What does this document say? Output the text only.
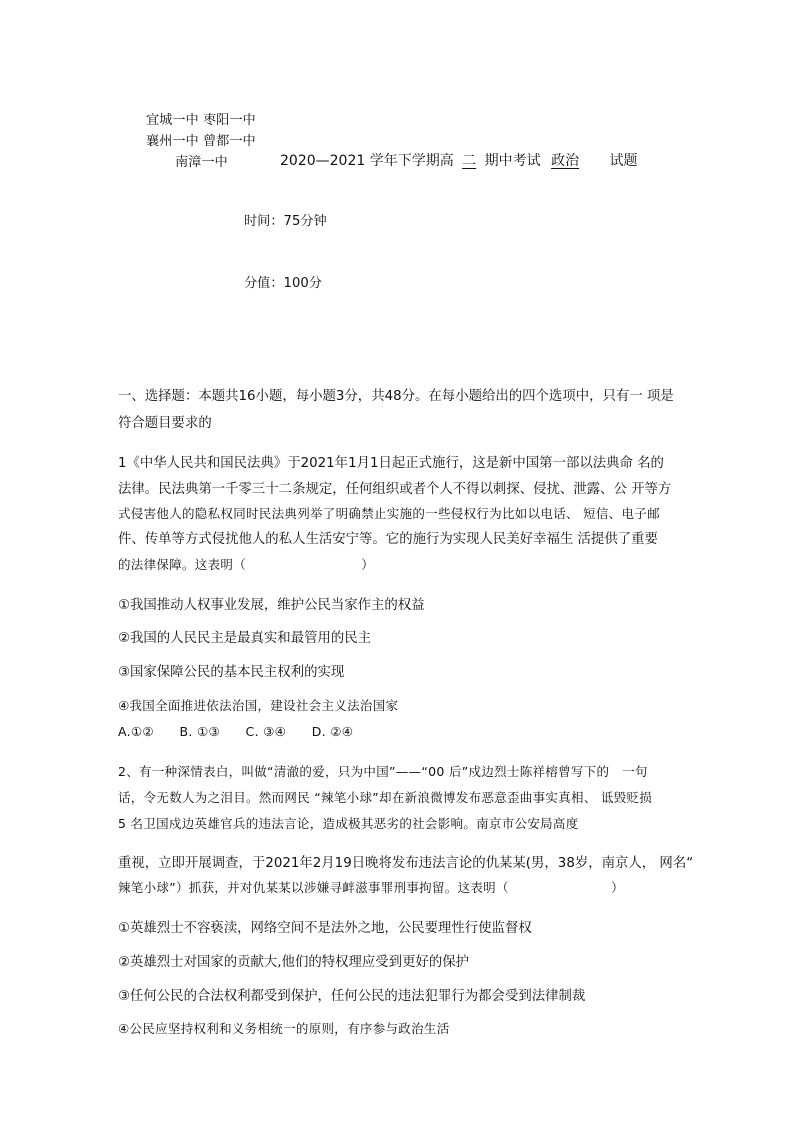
宜城一中 枣阳一中
襄州一中 曾都一中
南漳一中	2020—2021 学年下学期高 二 期中考试 政治 试题
时间：75分钟
分值：100分
一、选择题：本题共16小题，每小题3分，共48分。在每小题给出的四个选项中，只有一 项是
符合题目要求的
1《中华人民共和国民法典》于2021年1月1日起正式施行，这是新中国第一部以法典命 名的
法律。民法典第一千零三十二条规定，任何组织或者个人不得以刺探、侵扰、泄露、公 开等方
式侵害他人的隐私权同时民法典列举了明确禁止实施的一些侵权行为比如以电话、 短信、电子邮
件、传单等方式侵扰他人的私人生活安宁等。它的施行为实现人民美好幸福生 活提供了重要
的法律保障。这表明（　　　　　　　　　）
①我国推动人权事业发展，维护公民当家作主的权益
②我国的人民民主是最真实和最管用的民主
③国家保障公民的基本民主权利的实现
④我国全面推进依法治国，建设社会主义法治国家
A.①②　　B. ①③　　C. ③④　　D. ②④
2、有一种深情表白，叫做“清澈的爱，只为中国”——“00 后”戍边烈士陈祥榕曾写下的　一句
话，令无数人为之泪目。然而网民 “辣笔小球”却在新浪微博发布恶意歪曲事实真相、 诋毁贬损
5 名卫国戍边英雄官兵的违法言论，造成极其恶劣的社会影响。南京市公安局高度
重视，立即开展调查，于2021年2月19日晚将发布违法言论的仇某某(男，38岁，南京人， 网名“
辣笔小球”）抓获，并对仇某某以涉嫌寻衅滋事罪刑事拘留。这表明（　　　　　　　　）
①英雄烈士不容亵渎，网络空间不是法外之地，公民要理性行使监督权
②英雄烈士对国家的贡献大,他们的特权理应受到更好的保护
③任何公民的合法权利都受到保护，任何公民的违法犯罪行为都会受到法律制裁
④公民应坚持权利和义务相统一的原则，有序参与政治生活
